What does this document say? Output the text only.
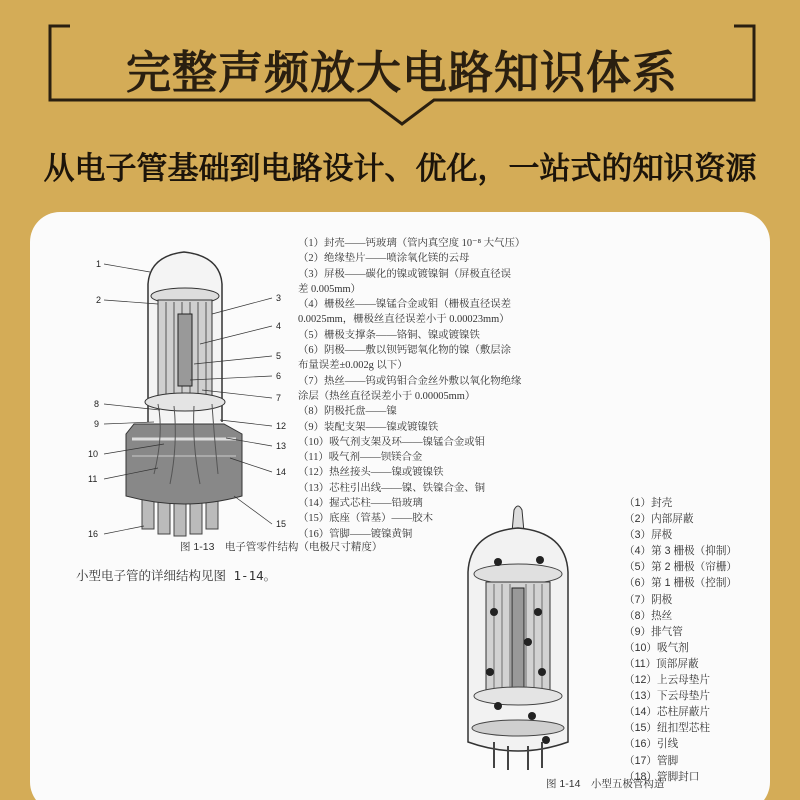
完整声频放大电路知识体系
从电子管基础到电路设计、优化，一站式的知识资源
1
2	3
4
5
6
7
8
9
10
11
12
13
14
15
16
（1）封壳——钙玻璃（管内真空度 10⁻⁸ 大气压）
（2）绝缘垫片——喷涂氧化镁的云母
（3）屏极——碳化的镍或镀镍铜（屏极直径误
差 0.005mm）
（4）栅极丝——镍锰合金或钼（栅极直径误差
0.0025mm，栅极丝直径误差小于 0.00023mm）
（5）栅极支撑条——铬铜、镍或镀镍铁
（6）阴极——敷以钡钙锶氧化物的镍（敷层涂
布量误差±0.002g 以下）
（7）热丝——钨或钨钼合金丝外敷以氧化物绝缘
涂层（热丝直径误差小于 0.00005mm）
（8）阴极托盘——镍
（9）装配支架——镍或镀镍铁
（10）吸气剂支架及环——镍锰合金或钼
（11）吸气剂——钡镁合金
（12）热丝接头——镍或镀镍铁
（13）芯柱引出线——镍、铁镍合金、铜
（14）握式芯柱——铅玻璃
（15）底座（管基）——胶木
（16）管脚——镀镍黄铜
图 1-13　电子管零件结构（电极尺寸精度）
小型电子管的详细结构见图 1-14。
（1）封壳
（2）内部屏蔽
（3）屏极
（4）第 3 栅极（抑制）
（5）第 2 栅极（帘栅）
（6）第 1 栅极（控制）
（7）阴极
（8）热丝
（9）排气管
（10）吸气剂
（11）顶部屏蔽
（12）上云母垫片
（13）下云母垫片
（14）芯柱屏蔽片
（15）纽扣型芯柱
（16）引线
（17）管脚
（18）管脚封口
图 1-14　小型五极管构造
